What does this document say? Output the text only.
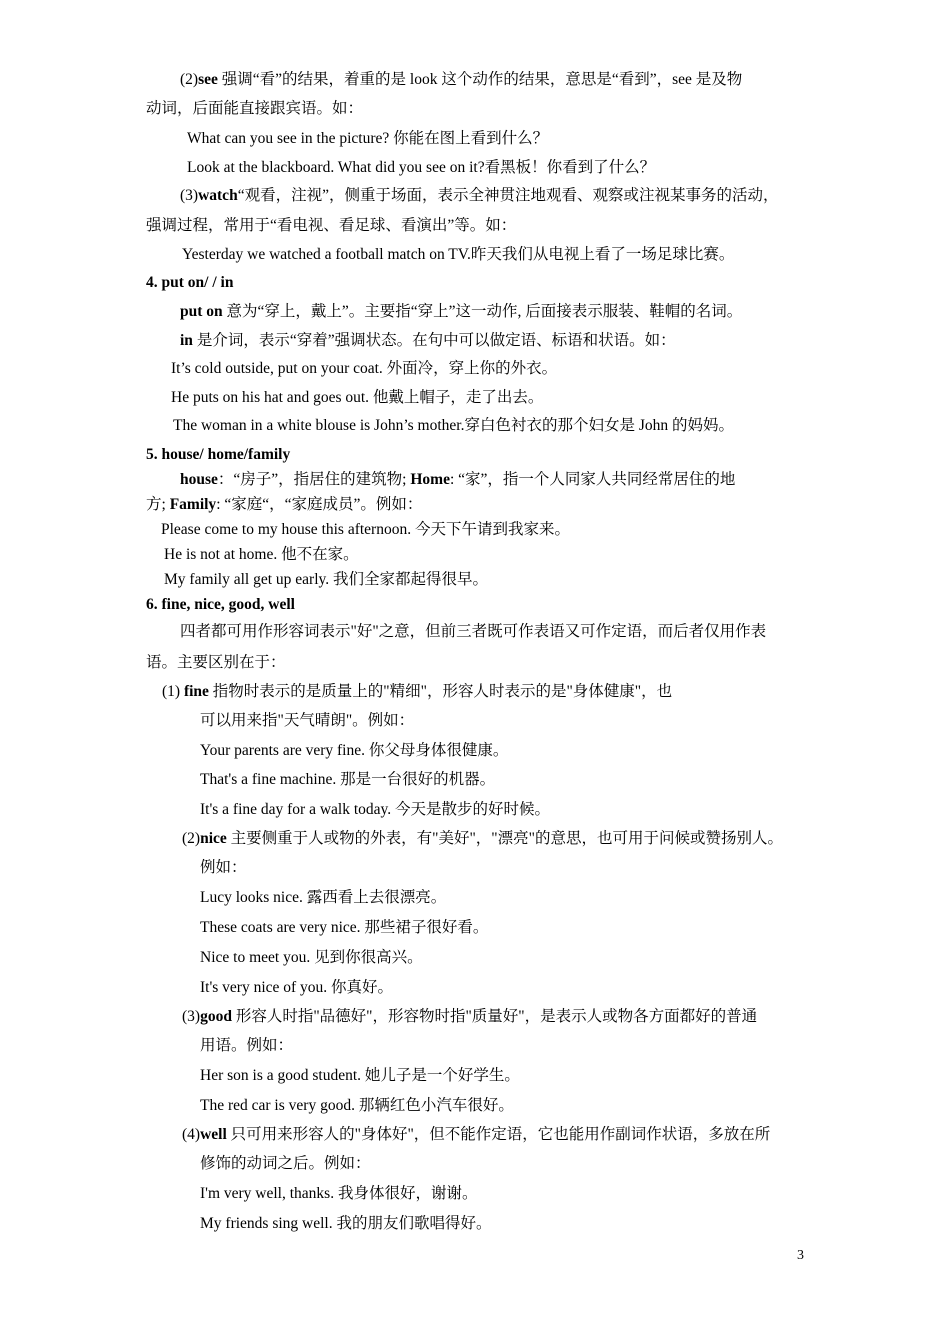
(2)see 强调“看”的结果，着重的是 look 这个动作的结果，意思是“看到”，see 是及物
动词，后面能直接跟宾语。如：
What can you see in the picture? 你能在图上看到什么？
Look at the blackboard. What did you see on it?看黑板！你看到了什么？
(3)watch“观看，注视”，侧重于场面，表示全神贯注地观看、观察或注视某事务的活动，
强调过程，常用于“看电视、看足球、看演出”等。如：
Yesterday we watched a football match on TV.昨天我们从电视上看了一场足球比赛。
4. put on/ / in
put on 意为“穿上，戴上”。主要指“穿上”这一动作, 后面接表示服装、鞋帽的名词。
in 是介词，表示“穿着”强调状态。在句中可以做定语、标语和状语。如：
It’s cold outside, put on your coat. 外面冷，穿上你的外衣。
He puts on his hat and goes out. 他戴上帽子，走了出去。
The woman in a white blouse is John’s mother.穿白色衬衣的那个妇女是 John 的妈妈。
5. house/ home/family
house：“房子”，指居住的建筑物; Home: “家”，指一个人同家人共同经常居住的地
方; Family: “家庭“，“家庭成员”。例如：
Please come to my house this afternoon. 今天下午请到我家来。
He is not at home. 他不在家。
My family all get up early. 我们全家都起得很早。
6. fine, nice, good, well
四者都可用作形容词表示"好"之意，但前三者既可作表语又可作定语，而后者仅用作表
语。主要区别在于：
(1) fine 指物时表示的是质量上的"精细"，形容人时表示的是"身体健康"，也
可以用来指"天气晴朗"。例如：
Your parents are very fine. 你父母身体很健康。
That's a fine machine. 那是一台很好的机器。
It's a fine day for a walk today. 今天是散步的好时候。
(2)nice 主要侧重于人或物的外表，有"美好"，"漂亮"的意思，也可用于问候或赞扬别人。
例如：
Lucy looks nice. 露西看上去很漂亮。
These coats are very nice. 那些裙子很好看。
Nice to meet you. 见到你很高兴。
It's very nice of you. 你真好。
(3)good 形容人时指"品德好"，形容物时指"质量好"，是表示人或物各方面都好的普通
用语。例如：
Her son is a good student. 她儿子是一个好学生。
The red car is very good. 那辆红色小汽车很好。
(4)well 只可用来形容人的"身体好"，但不能作定语，它也能用作副词作状语，多放在所
修饰的动词之后。例如：
I'm very well, thanks. 我身体很好，谢谢。
My friends sing well. 我的朋友们歌唱得好。
3
